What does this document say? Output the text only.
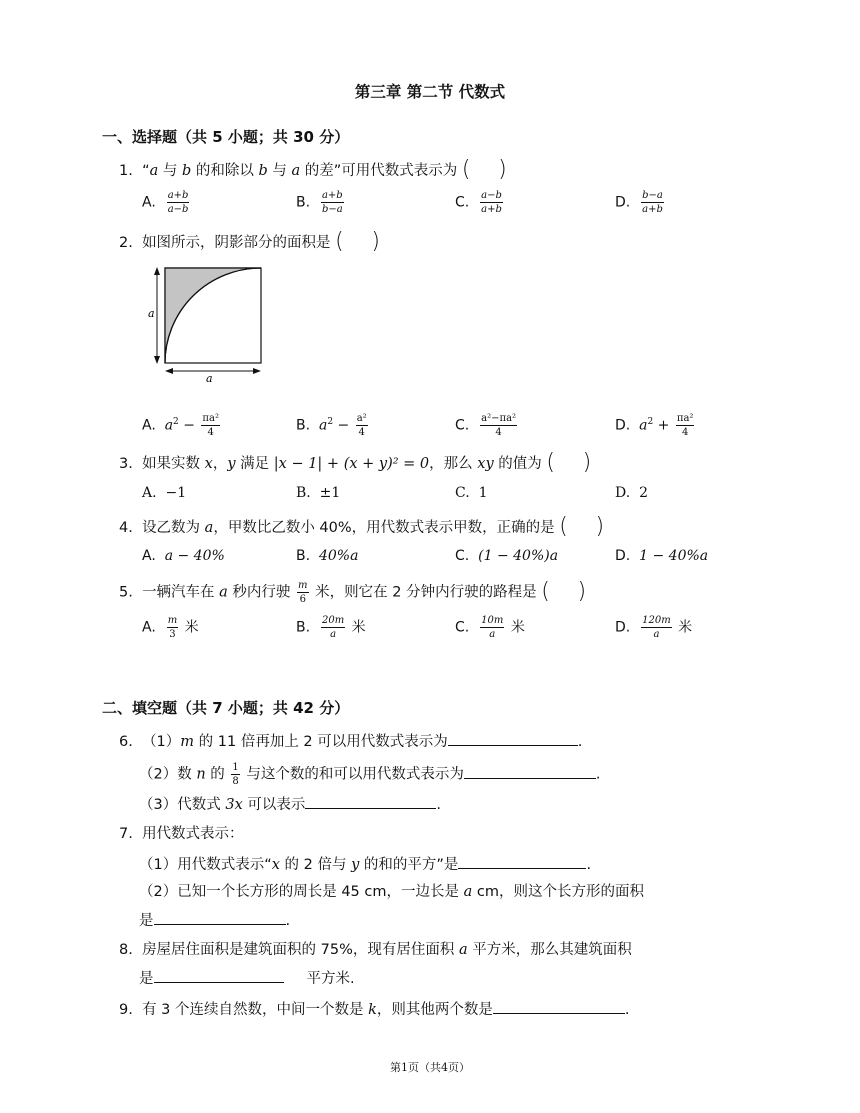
第三章 第二节 代数式
一、选择题（共 5 小题；共 30 分）
1. “a 与 b 的和除以 b 与 a 的差”可用代数式表示为 ( )
A. $\frac{a+b}{a-b}$	B. $\frac{a+b}{b-a}$	C. $\frac{a-b}{a+b}$	D. $\frac{b-a}{a+b}$
2. 如图所示，阴影部分的面积是 ( )
a
a
A. $a^2 - \frac{\text{πa²}}{4}$	B. $a^2 - \frac{\text{a²}}{4}$	C. $\frac{\text{a²−πa²}}{4}$	D. $a^2 + \frac{\text{πa²}}{4}$
3. 如果实数 x，y 满足 |x − 1| + (x + y)² = 0，那么 xy 的值为 ( )
A. −1	B. ±1	C. 1	D. 2
4. 设乙数为 a，甲数比乙数小 40%，用代数式表示甲数，正确的是 ( )
A. a − 40%	B. 40%a	C. (1 − 40%)a	D. 1 − 40%a
5. 一辆汽车在 a 秒内行驶 $\frac{m}{6}$ 米，则它在 2 分钟内行驶的路程是 ( )
A. $\frac{m}{3}$ 米	B. $\frac{20m}{a}$ 米	C. $\frac{10m}{a}$ 米	D. $\frac{120m}{a}$ 米
二、填空题（共 7 小题；共 42 分）
6. （1）m 的 11 倍再加上 2 可以用代数式表示为	.
（2）数 n 的 $\frac{1}{8}$ 与这个数的和可以用代数式表示为	.
（3）代数式 3x 可以表示	.
7. 用代数式表示：
（1）用代数式表示“x 的 2 倍与 y 的和的平方”是	.
（2）已知一个长方形的周长是 45 cm，一边长是 a cm，则这个长方形的面积
是	.
8. 房屋居住面积是建筑面积的 75%，现有居住面积 a 平方米，那么其建筑面积
是	平方米.
9. 有 3 个连续自然数，中间一个数是 k，则其他两个数是	.
第1页（共4页）
